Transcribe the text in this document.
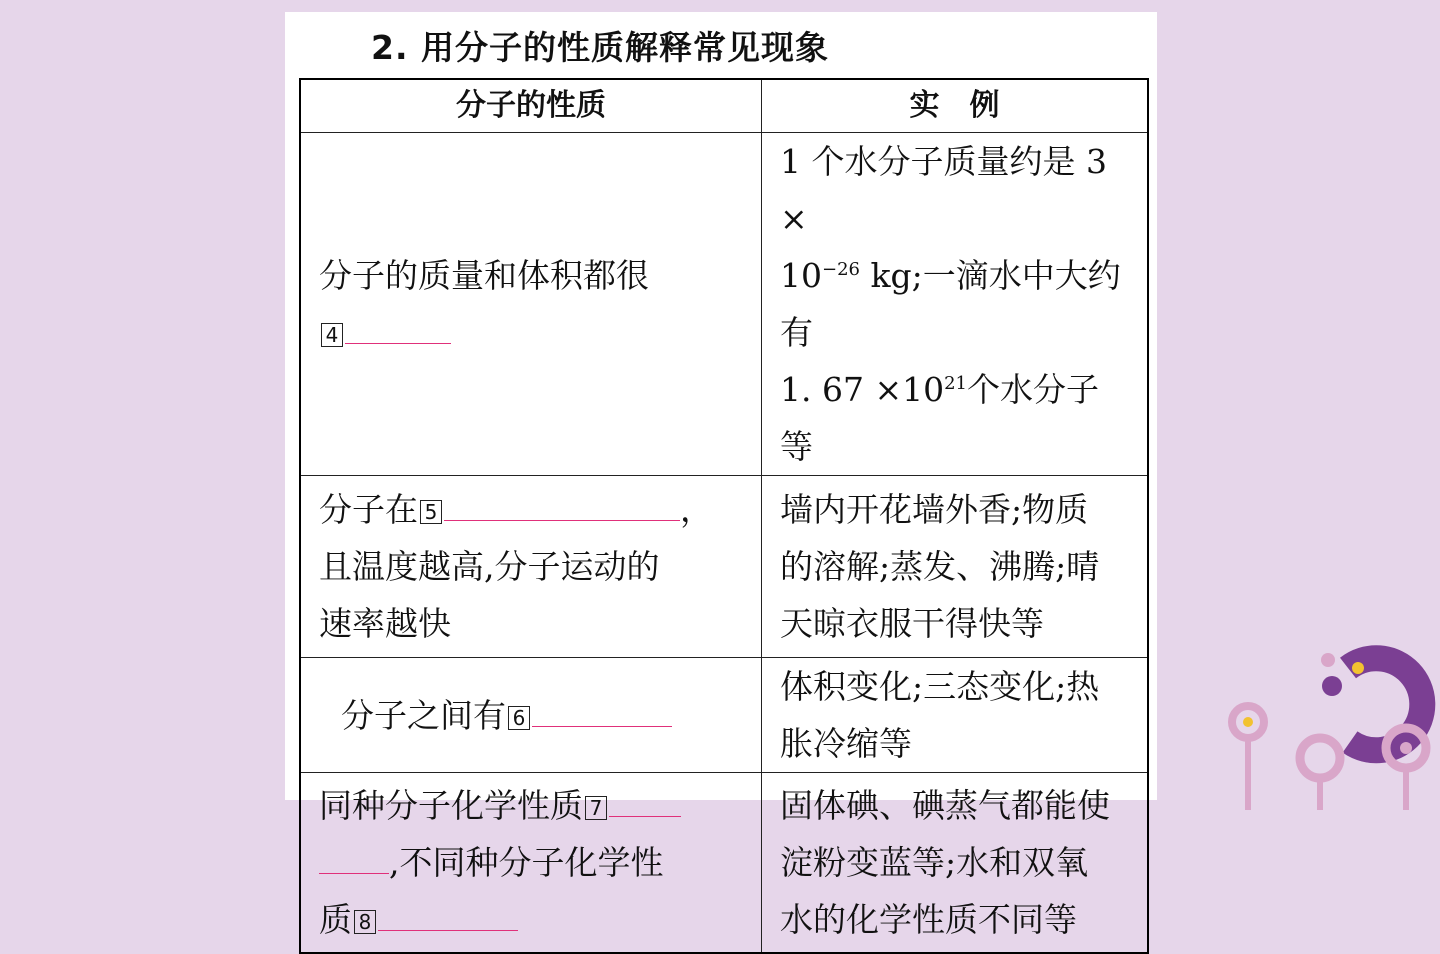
2. 用分子的性质解释常见现象
分子的性质	实　例
分子的质量和体积都很
4	1 个水分子质量约是 3 ×
$10^{-26}$ kg;一滴水中大约有
1. $67 \times 10^{21}$个水分子等
分子在 5 ，
且温度越高,分子运动的
速率越快	墙内开花墙外香;物质
的溶解;蒸发、沸腾;晴
天晾衣服干得快等
分子之间有 6	体积变化;三态变化;热
胀冷缩等
同种分子化学性质 7
,不同种分子化学性
质 8	固体碘、碘蒸气都能使
淀粉变蓝等;水和双氧
水的化学性质不同等
